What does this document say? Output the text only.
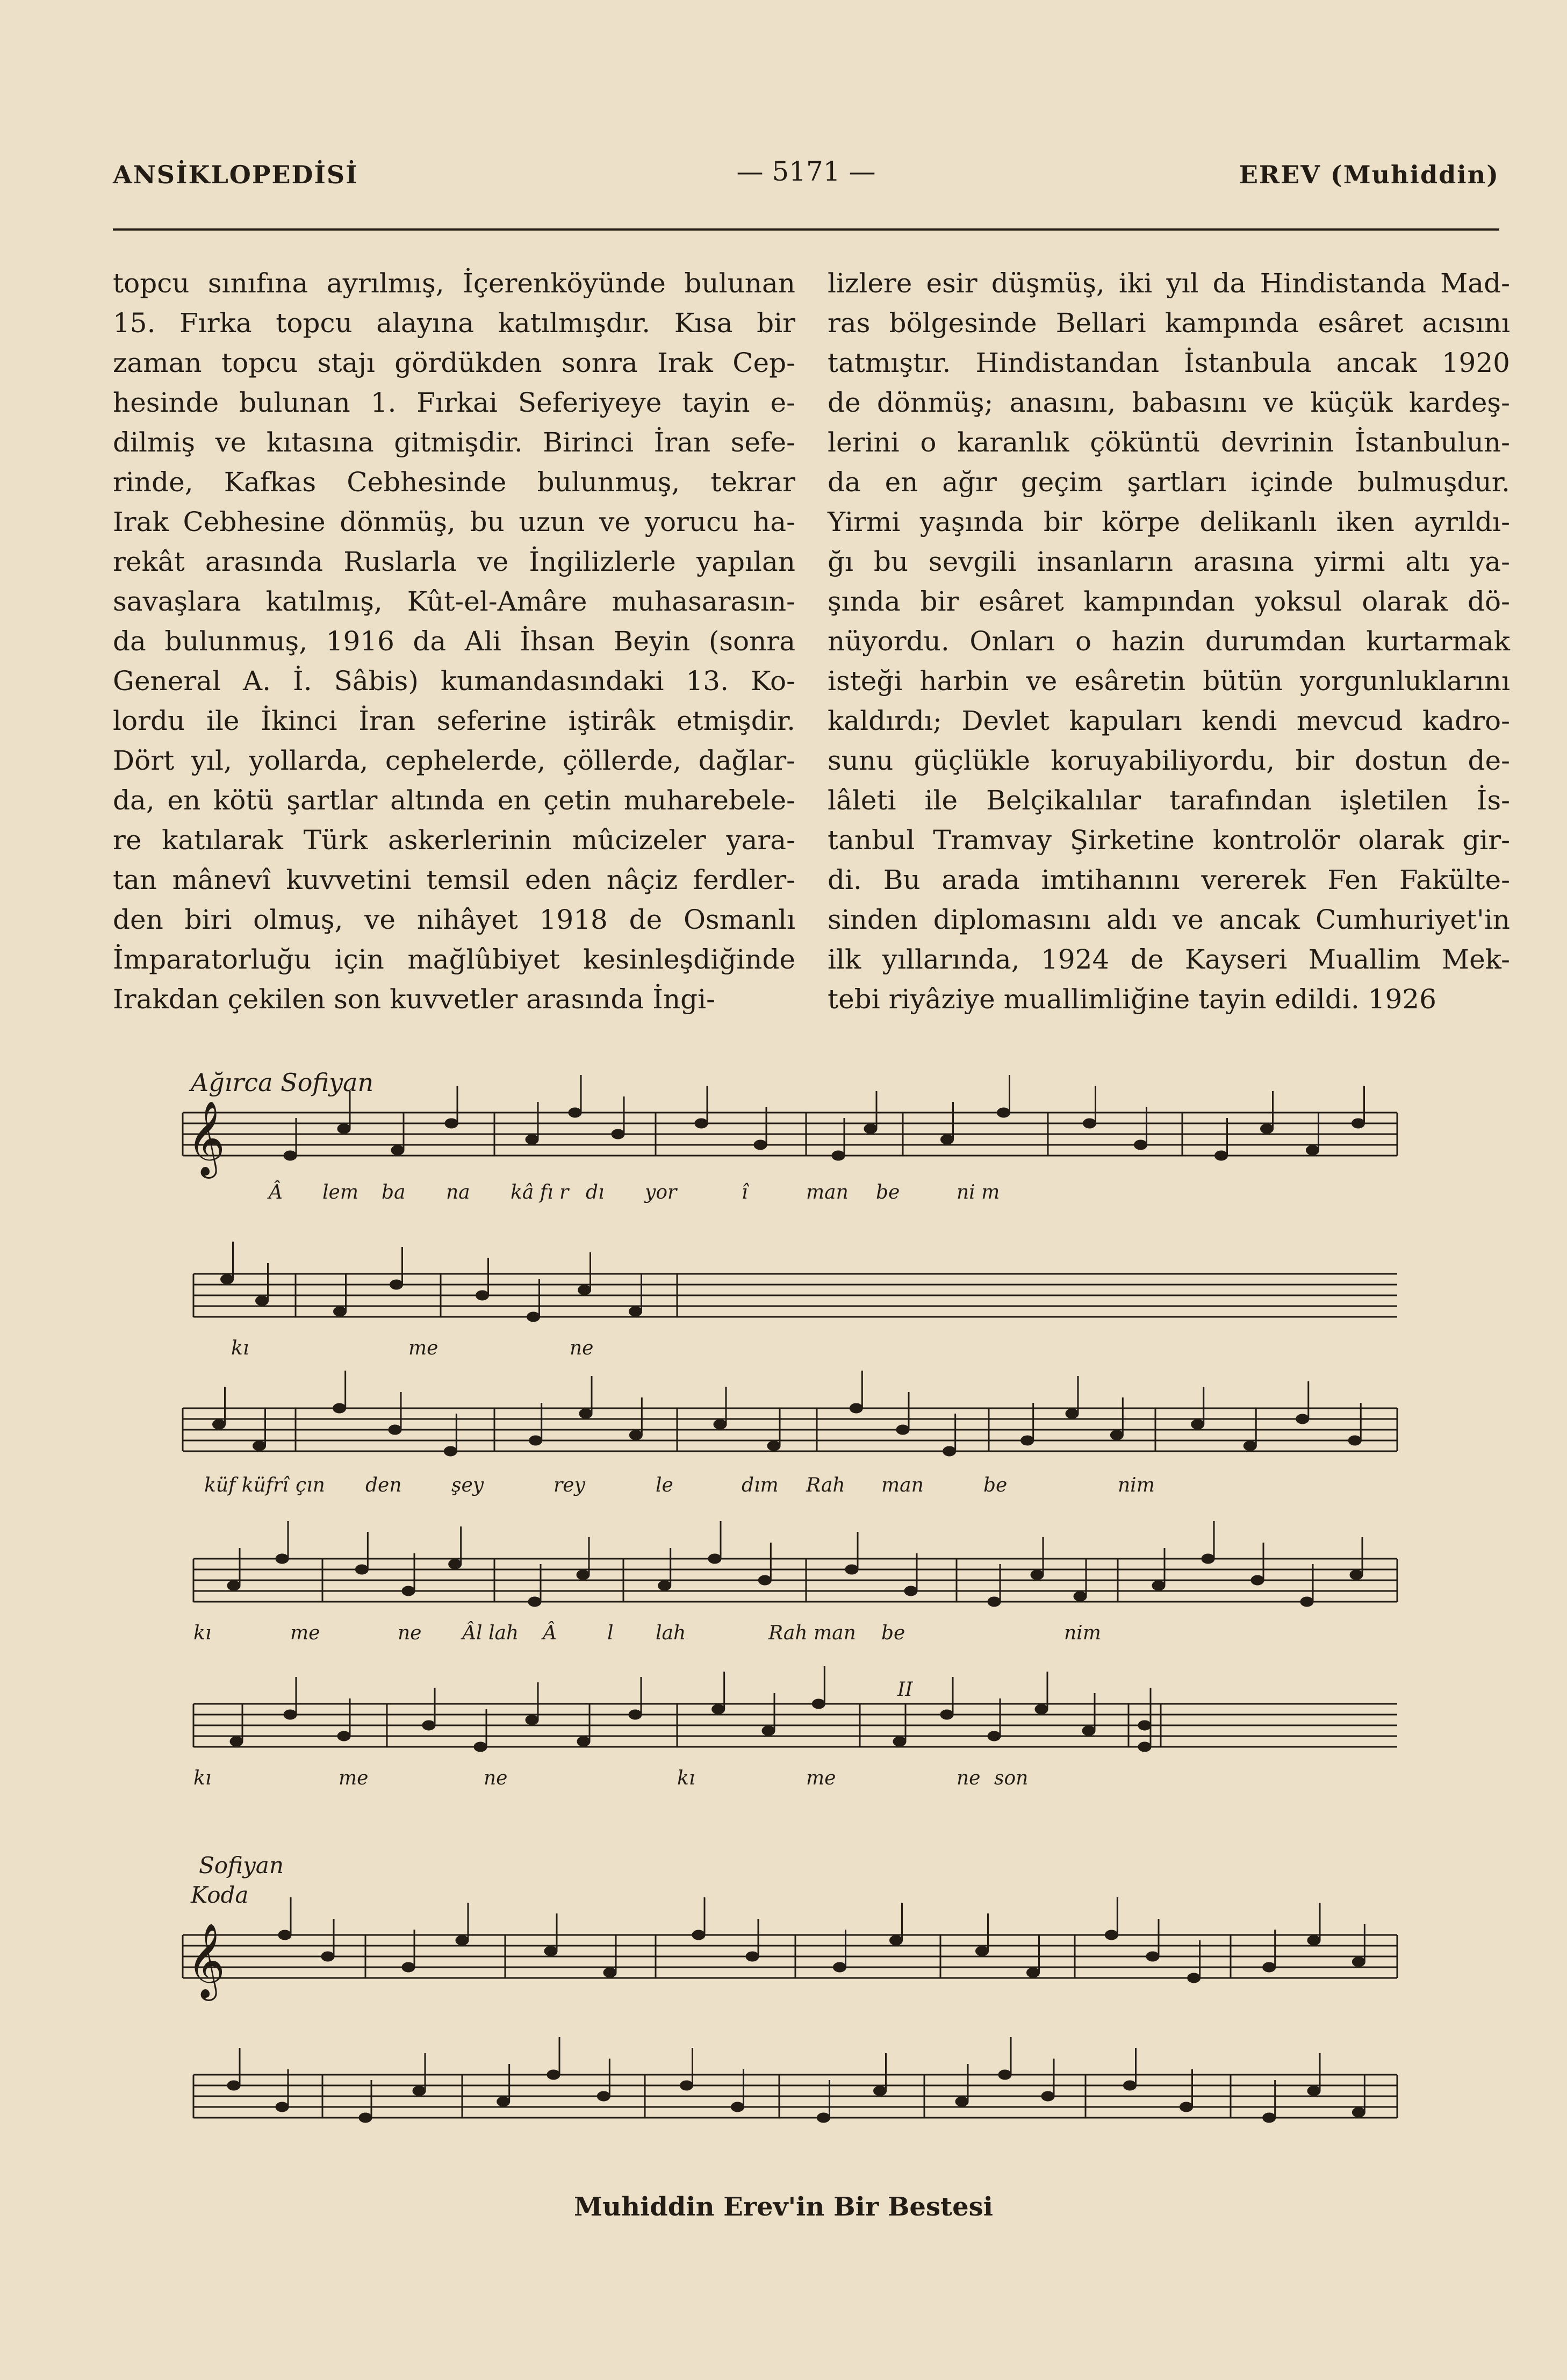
ANSİKLOPEDİSİ	— 5171 —	EREV (Muhiddin)
topcu sınıfına ayrılmış, İçerenköyünde bulunan
15. Fırka topcu alayına katılmışdır. Kısa bir
zaman topcu stajı gördükden sonra Irak Cep-
hesinde bulunan 1. Fırkai Seferiyeye tayin e-
dilmiş ve kıtasına gitmişdir. Birinci İran sefe-
rinde, Kafkas Cebhesinde bulunmuş, tekrar
Irak Cebhesine dönmüş, bu uzun ve yorucu ha-
rekât arasında Ruslarla ve İngilizlerle yapılan
savaşlara katılmış, Kût-el-Amâre muhasarasın-
da bulunmuş, 1916 da Ali İhsan Beyin (sonra
General A. İ. Sâbis) kumandasındaki 13. Ko-
lordu ile İkinci İran seferine iştirâk etmişdir.
Dört yıl, yollarda, cephelerde, çöllerde, dağlar-
da, en kötü şartlar altında en çetin muharebele-
re katılarak Türk askerlerinin mûcizeler yara-
tan mânevî kuvvetini temsil eden nâçiz ferdler-
den biri olmuş, ve nihâyet 1918 de Osmanlı
İmparatorluğu için mağlûbiyet kesinleşdiğinde
Irakdan çekilen son kuvvetler arasında İngi-
lizlere esir düşmüş, iki yıl da Hindistanda Mad-
ras bölgesinde Bellari kampında esâret acısını
tatmıştır. Hindistandan İstanbula ancak 1920
de dönmüş; anasını, babasını ve küçük kardeş-
lerini o karanlık çöküntü devrinin İstanbulun-
da en ağır geçim şartları içinde bulmuşdur.
Yirmi yaşında bir körpe delikanlı iken ayrıldı-
ğı bu sevgili insanların arasına yirmi altı ya-
şında bir esâret kampından yoksul olarak dö-
nüyordu. Onları o hazin durumdan kurtarmak
isteği harbin ve esâretin bütün yorgunluklarını
kaldırdı; Devlet kapuları kendi mevcud kadro-
sunu güçlükle koruyabiliyordu, bir dostun de-
lâleti ile Belçikalılar tarafından işletilen İs-
tanbul Tramvay Şirketine kontrolör olarak gir-
di. Bu arada imtihanını vererek Fen Fakülte-
sinden diplomasını aldı ve ancak Cumhuriyet'in
ilk yıllarında, 1924 de Kayseri Muallim Mek-
tebi riyâziye muallimliğine tayin edildi. 1926
𝄞
𝄞
Ağırca Sofiyan
Sofiyan
Koda
II
Â lem ba na kâ fı r dı yor	î	man be	ni m
kı	me	ne
küf küfrî çın den	şey	rey	le	dım Rah man	be	nim
kı	me	ne Âl lah Â	l lah	Rah man be	nim
kı	me	ne	kı	me	ne son
Muhiddin Erev'in Bir Bestesi
